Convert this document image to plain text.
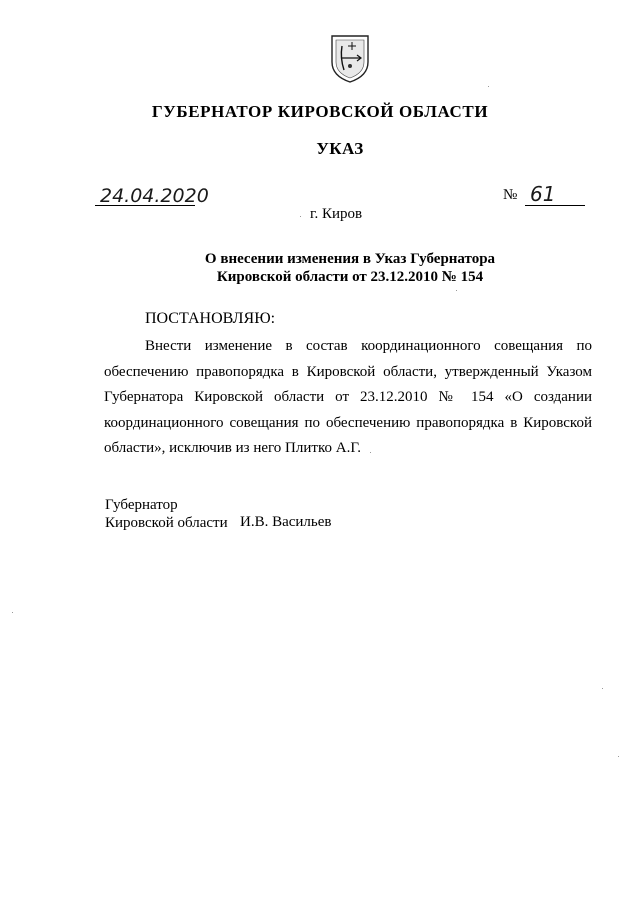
ГУБЕРНАТОР КИРОВСКОЙ ОБЛАСТИ
УКАЗ
24.04.2020	№ 61
г. Киров
О внесении изменения в Указ Губернатора
Кировской области от 23.12.2010 № 154
ПОСТАНОВЛЯЮ:

Внести изменение в состав координационного совещания по обеспечению правопорядка в Кировской области, утвержденный Указом Губернатора Кировской области от 23.12.2010 № 154 «О создании координационного совещания по обеспечению правопорядка в Кировской области», исключив из него Плитко А.Г.

Губернатор
Кировской области И.В. Васильев
